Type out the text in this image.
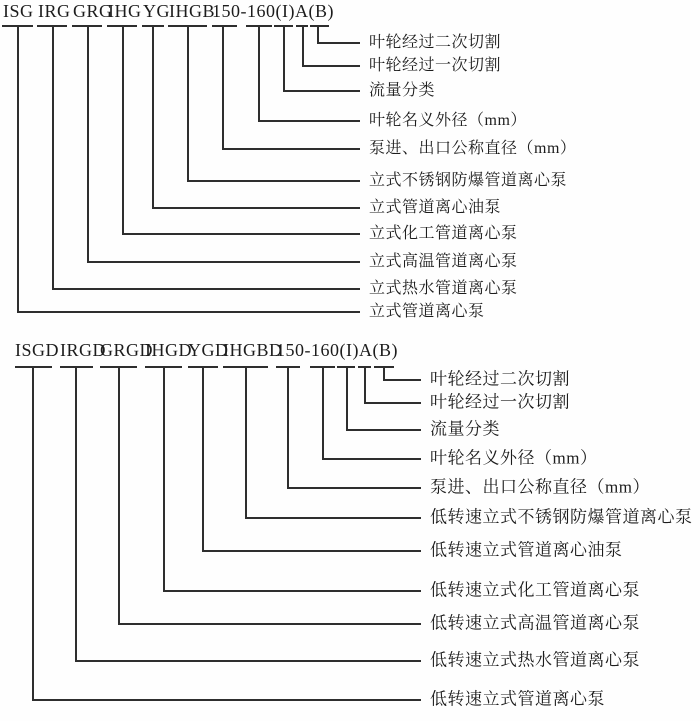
ISG IRG GRG
IHG YG IHGB
150-160(I)A(B)
立式管道离心泵
立式热水管道离心泵
立式高温管道离心泵
立式化工管道离心泵
立式管道离心油泵
立式不锈钢防爆管道离心泵
泵进、出口公称直径（mm）
叶轮名义外径（mm）
流量分类
叶轮经过一次切割
叶轮经过二次切割
ISGD IRGD
GRGD
IHGD
YGD
IHGBD
150-160(I)A(B)
低转速立式管道离心泵
低转速立式热水管道离心泵
低转速立式高温管道离心泵
低转速立式化工管道离心泵
低转速立式管道离心油泵
低转速立式不锈钢防爆管道离心泵
泵进、出口公称直径（mm）
叶轮名义外径（mm）
流量分类
叶轮经过一次切割
叶轮经过二次切割
